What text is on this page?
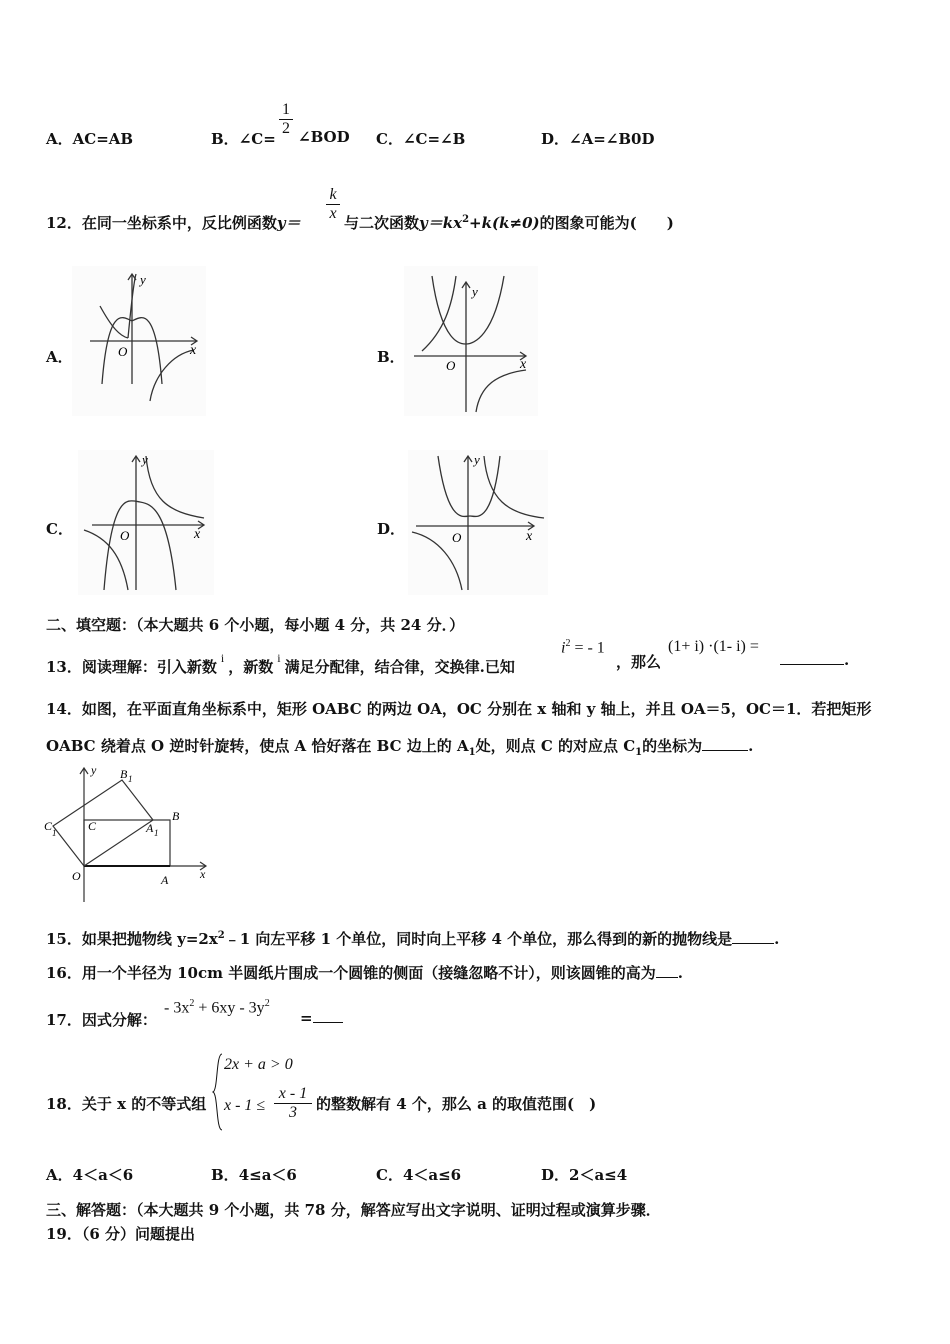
A．AC=AB	B．∠C=
$\frac{1}{2}$ ∠BOD C．∠C=∠B	D．∠A=∠B0D
12．在同一坐标系中，反比例函数$y= \frac{k}{x}$ 与二次函数$y=kx^2+k(k\ne 0)$的图象可能为(　　)
A．	B．
C．	D．
y
x
O
y
x
O
y
x
O
y
x
O
二、填空题：（本大题共 6 个小题，每小题 4 分，共 24 分．）
13．阅读理解：引入新数 $^i$ ，新数 $^i$ 满足分配律，结合律，交换律.已知
$i^2$ = - 1
，那么
(1+ i) ·(1- i) =
.
14．如图，在平面直角坐标系中，矩形 OABC 的两边 OA，OC 分别在 x 轴和 y 轴上，并且 OA＝5，OC＝1．若把矩形
OABC 绕着点 O 逆时针旋转，使点 A 恰好落在 BC 边上的 $A_1$处，则点 C 的对应点 $C_1$的坐标为	.
y
x
O	A
B
C
B 1
C 1	A 1
15．如果把抛物线 $y=2x^2﹣1$ 向左平移 1 个单位，同时向上平移 4 个单位，那么得到的新的抛物线是	.
16．用一个半径为 10cm 半圆纸片围成一个圆锥的侧面（接缝忽略不计），则该圆锥的高为 .
17．因式分解：
- $3x^2 + 6xy - 3y^2$
=
18．关于 x 的不等式组
2x + a > 0
$x - 1 \le \frac{x - 1}{3}$ 的整数解有 4 个，那么 a 的取值范围(　)
A．4＜a＜6	B．4≤a＜6	C．4＜a≤6	D．2＜a≤4
三、解答题：（本大题共 9 个小题，共 78 分，解答应写出文字说明、证明过程或演算步骤．
19．（6 分）问题提出
